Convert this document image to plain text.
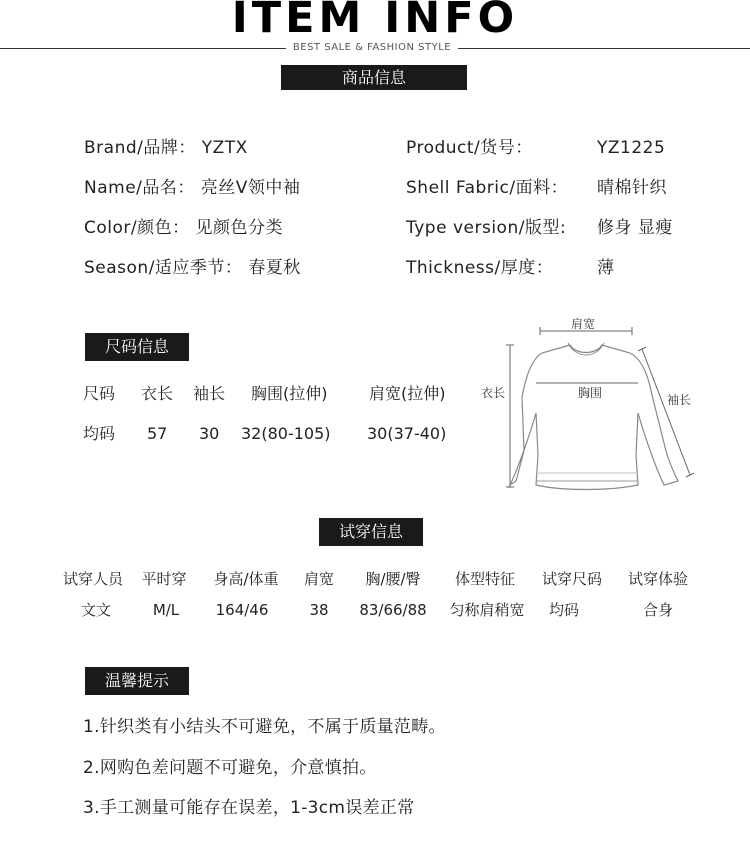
ITEM INFO
BEST SALE & FASHION STYLE
商品信息
Brand/品牌： YZTX	Product/货号：	YZ1225
Name/品名： 亮丝V领中袖	Shell Fabric/面料： 晴棉针织
Color/颜色： 见颜色分类	Type version/版型: 修身 显瘦
Season/适应季节： 春夏秋	Thickness/厚度：	薄
尺码信息
尺码 衣长 袖长 胸围(拉伸)	肩宽(拉伸)
均码 57 30 32(80-105) 30(37-40)
肩宽
衣长	胸围	袖长
试穿信息
试穿人员	平时穿	身高/体重	肩宽	胸/腰/臀	体型特征	试穿尺码	试穿体验
文文	M/L	164/46	38	83/66/88	匀称肩稍宽	均码	合身
温馨提示
1.针织类有小结头不可避免，不属于质量范畴。
2.网购色差问题不可避免，介意慎拍。
3.手工测量可能存在误差，1-3cm误差正常
